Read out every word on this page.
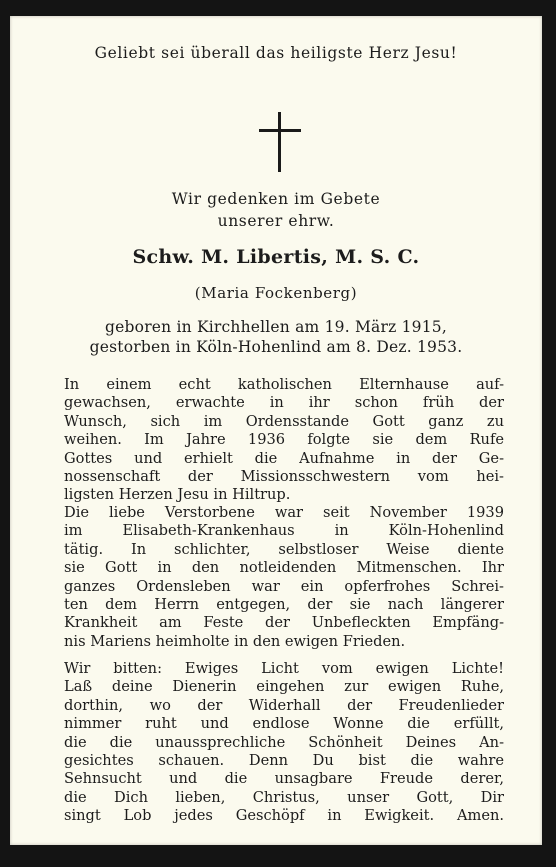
Geliebt sei überall das heiligste Herz Jesu!
Wir gedenken im Gebete
unserer ehrw.
Schw. M. Libertis, M. S. C.
(Maria Fockenberg)
geboren in Kirchhellen am 19. März 1915,
gestorben in Köln-Hohenlind am 8. Dez. 1953.
In einem echt katholischen Elternhause auf-
gewachsen, erwachte in ihr schon früh der
Wunsch, sich im Ordensstande Gott ganz zu
weihen. Im Jahre 1936 folgte sie dem Rufe
Gottes und erhielt die Aufnahme in der Ge-
nossenschaft der Missionsschwestern vom hei-
ligsten Herzen Jesu in Hiltrup.
Die liebe Verstorbene war seit November 1939
im Elisabeth-Krankenhaus in Köln-Hohenlind
tätig. In schlichter, selbstloser Weise diente
sie Gott in den notleidenden Mitmenschen. Ihr
ganzes Ordensleben war ein opferfrohes Schrei-
ten dem Herrn entgegen, der sie nach längerer
Krankheit am Feste der Unbefleckten Empfäng-
nis Mariens heimholte in den ewigen Frieden.
Wir bitten: Ewiges Licht vom ewigen Lichte!
Laß deine Dienerin eingehen zur ewigen Ruhe,
dorthin, wo der Widerhall der Freudenlieder
nimmer ruht und endlose Wonne die erfüllt,
die die unaussprechliche Schönheit Deines An-
gesichtes schauen. Denn Du bist die wahre
Sehnsucht und die unsagbare Freude derer,
die Dich lieben, Christus, unser Gott, Dir
singt Lob jedes Geschöpf in Ewigkeit. Amen.
